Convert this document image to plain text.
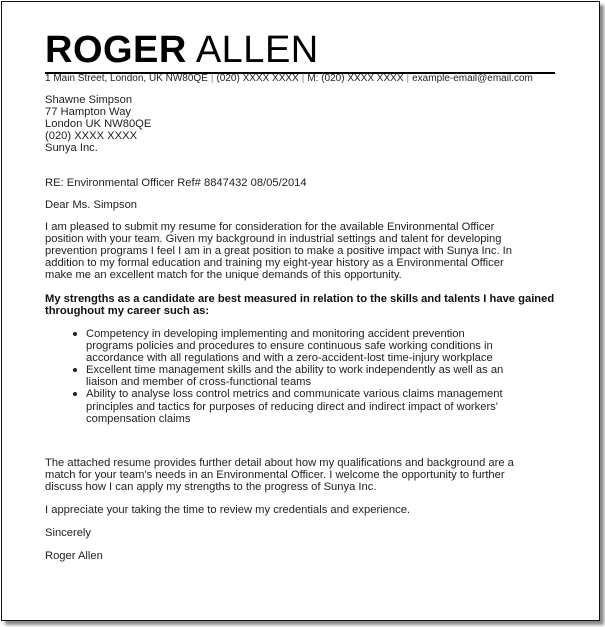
ROGER ALLEN
1 Main Street, London, UK NW80QE | (020) XXXX XXXX | M: (020) XXXX XXXX | example-email@email.com
Shawne Simpson
77 Hampton Way
London UK NW80QE
(020) XXXX XXXX
Sunya Inc.
RE: Environmental Officer Ref# 8847432 08/05/2014
Dear Ms. Simpson
I am pleased to submit my resume for consideration for the available Environmental Officer
position with your team. Given my background in industrial settings and talent for developing
prevention programs I feel I am in a great position to make a positive impact with Sunya Inc. In
addition to my formal education and training my eight-year history as a Environmental Officer
make me an excellent match for the unique demands of this opportunity.
My strengths as a candidate are best measured in relation to the skills and talents I have gained
throughout my career such as:
Competency in developing implementing and monitoring accident prevention
programs policies and procedures to ensure continuous safe working conditions in
accordance with all regulations and with a zero-accident-lost time-injury workplace
Excellent time management skills and the ability to work independently as well as an
liaison and member of cross-functional teams
Ability to analyse loss control metrics and communicate various claims management
principles and tactics for purposes of reducing direct and indirect impact of workers'
compensation claims
The attached resume provides further detail about how my qualifications and background are a
match for your team's needs in an Environmental Officer. I welcome the opportunity to further
discuss how I can apply my strengths to the progress of Sunya Inc.
I appreciate your taking the time to review my credentials and experience.
Sincerely
Roger Allen
